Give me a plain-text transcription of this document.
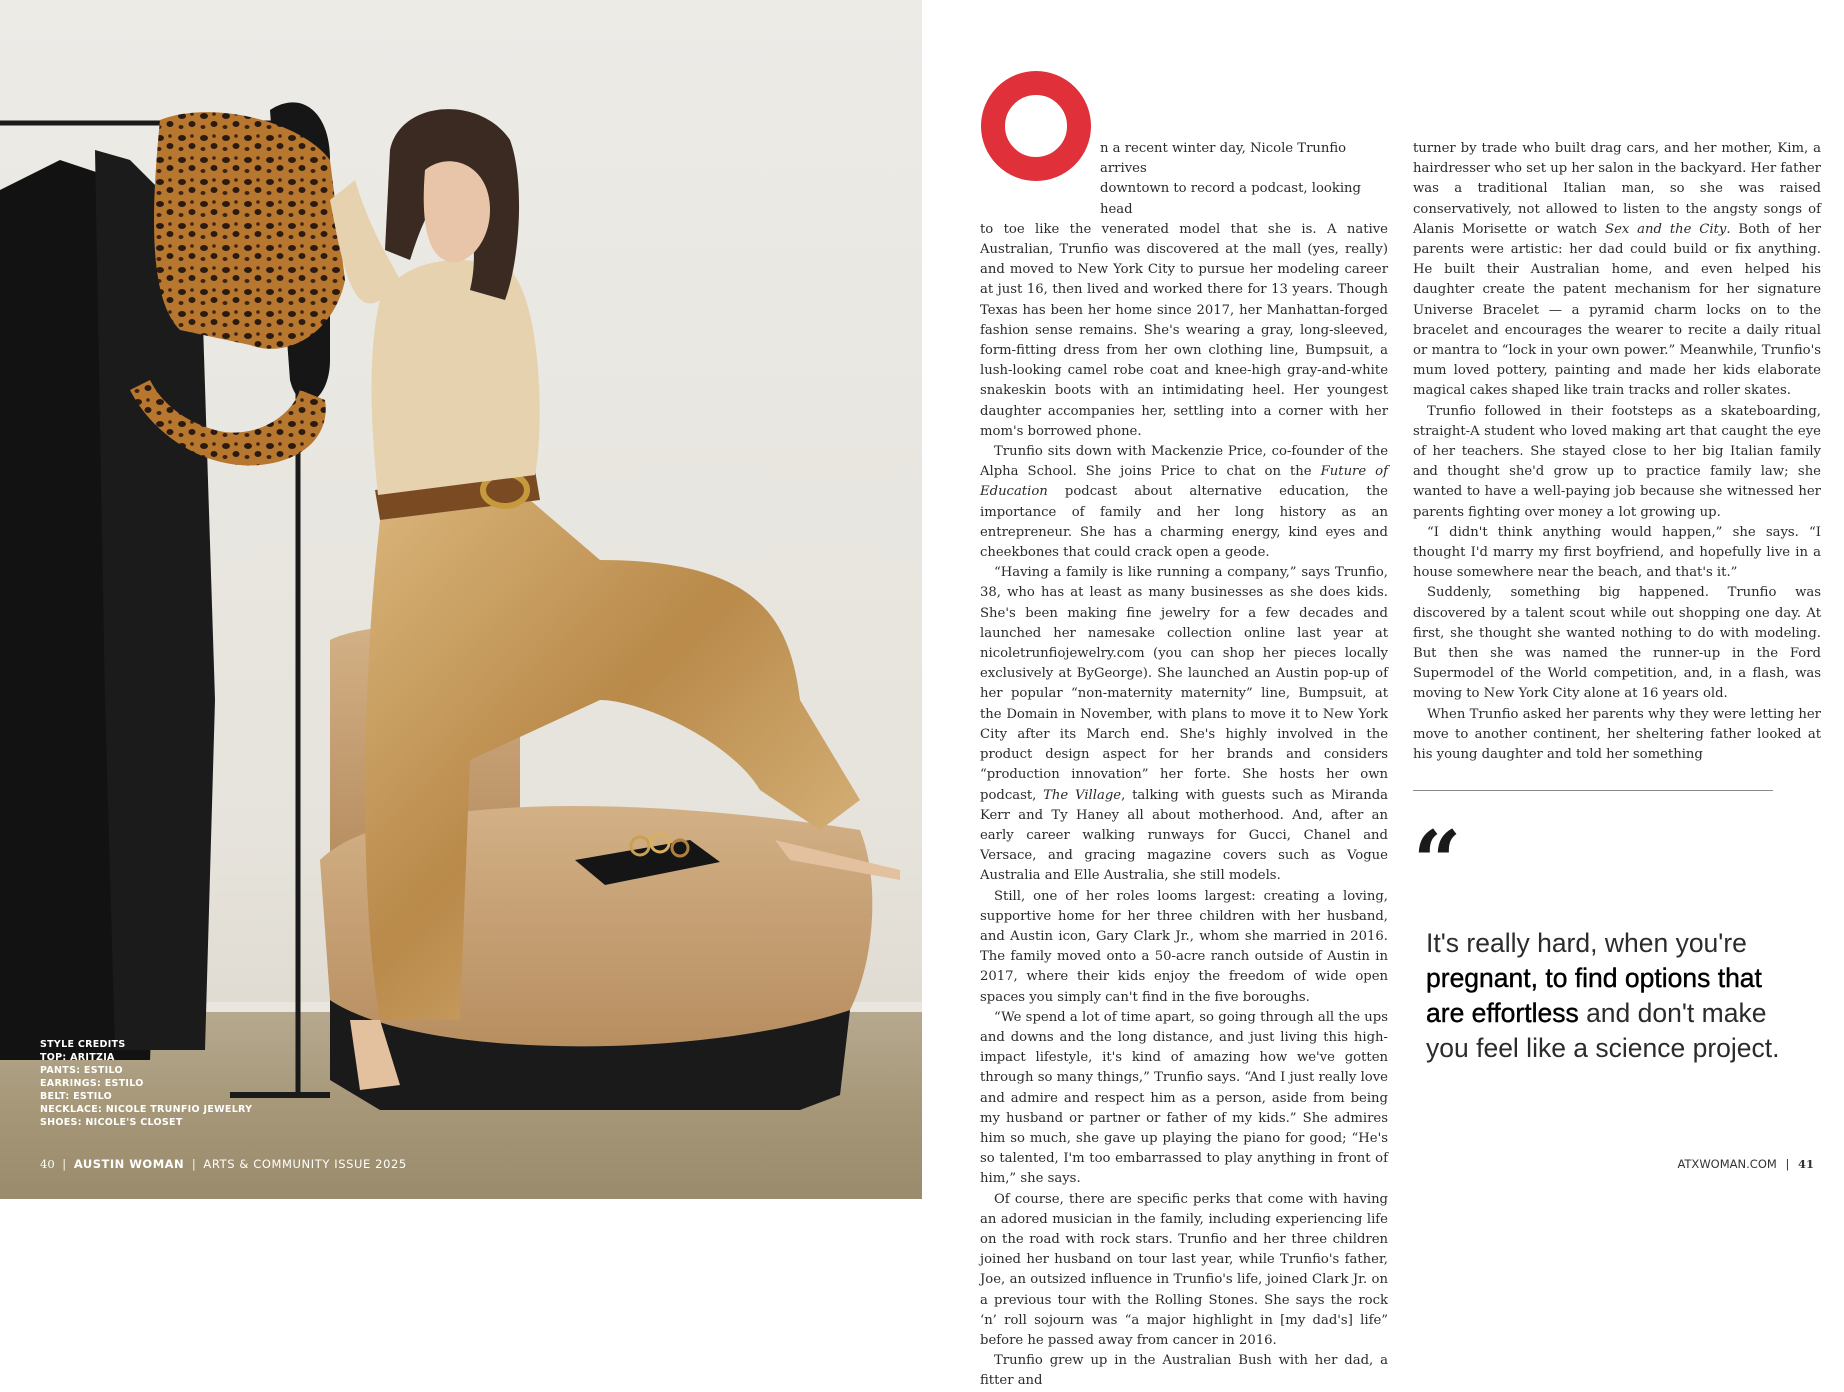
STYLE CREDITS
TOP: ARITZIA
PANTS: ESTILO
EARRINGS: ESTILO
BELT: ESTILO
NECKLACE: NICOLE TRUNFIO JEWELRY
SHOES: NICOLE'S CLOSET
40 | AUSTIN WOMAN | ARTS & COMMUNITY ISSUE 2025

n a recent winter day, Nicole Trunfio arrives
downtown to record a podcast, looking head
to toe like the venerated model that she is. A native Australian, Trunfio was discovered at the mall (yes, really) and moved to New York City to pursue her modeling career at just 16, then lived and worked there for 13 years. Though Texas has been her home since 2017, her Manhattan-forged fashion sense remains. She's wearing a gray, long-sleeved, form-fitting dress from her own clothing line, Bumpsuit, a lush-looking camel robe coat and knee-high gray-and-white snakeskin boots with an intimidating heel. Her youngest daughter accompanies her, settling into a corner with her mom's borrowed phone.

Trunfio sits down with Mackenzie Price, co-founder of the Alpha School. She joins Price to chat on the Future of Education podcast about alternative education, the importance of family and her long history as an entrepreneur. She has a charming energy, kind eyes and cheekbones that could crack open a geode.

“Having a family is like running a company,” says Trunfio, 38, who has at least as many businesses as she does kids. She's been making fine jewelry for a few decades and launched her namesake collection online last year at nicoletrunfiojewelry.com (you can shop her pieces locally exclusively at ByGeorge). She launched an Austin pop-up of her popular “non-maternity maternity” line, Bumpsuit, at the Domain in November, with plans to move it to New York City after its March end. She's highly involved in the product design aspect for her brands and considers “production innovation” her forte. She hosts her own podcast, The Village, talking with guests such as Miranda Kerr and Ty Haney all about motherhood. And, after an early career walking runways for Gucci, Chanel and Versace, and gracing magazine covers such as Vogue Australia and Elle Australia, she still models.

Still, one of her roles looms largest: creating a loving, supportive home for her three children with her husband, and Austin icon, Gary Clark Jr., whom she married in 2016. The family moved onto a 50-acre ranch outside of Austin in 2017, where their kids enjoy the freedom of wide open spaces you simply can't find in the five boroughs.

“We spend a lot of time apart, so going through all the ups and downs and the long distance, and just living this high-impact lifestyle, it's kind of amazing how we've gotten through so many things,” Trunfio says. “And I just really love and admire and respect him as a person, aside from being my husband or partner or father of my kids.” She admires him so much, she gave up playing the piano for good; “He's so talented, I'm too embarrassed to play anything in front of him,” she says.

Of course, there are specific perks that come with having an adored musician in the family, including experiencing life on the road with rock stars. Trunfio and her three children joined her husband on tour last year, while Trunfio's father, Joe, an outsized influence in Trunfio's life, joined Clark Jr. on a previous tour with the Rolling Stones. She says the rock ‘n’ roll sojourn was “a major highlight in [my dad's] life” before he passed away from cancer in 2016.

Trunfio grew up in the Australian Bush with her dad, a fitter and

turner by trade who built drag cars, and her mother, Kim, a hairdresser who set up her salon in the backyard. Her father was a traditional Italian man, so she was raised conservatively, not allowed to listen to the angsty songs of Alanis Morisette or watch Sex and the City. Both of her parents were artistic: her dad could build or fix anything. He built their Australian home, and even helped his daughter create the patent mechanism for her signature Universe Bracelet — a pyramid charm locks on to the bracelet and encourages the wearer to recite a daily ritual or mantra to “lock in your own power.” Meanwhile, Trunfio's mum loved pottery, painting and made her kids elaborate magical cakes shaped like train tracks and roller skates.

Trunfio followed in their footsteps as a skateboarding, straight-A student who loved making art that caught the eye of her teachers. She stayed close to her big Italian family and thought she'd grow up to practice family law; she wanted to have a well-paying job because she witnessed her parents fighting over money a lot growing up.

“I didn't think anything would happen,” she says. “I thought I'd marry my first boyfriend, and hopefully live in a house somewhere near the beach, and that's it.”

Suddenly, something big happened. Trunfio was discovered by a talent scout while out shopping one day. At first, she thought she wanted nothing to do with modeling. But then she was named the runner-up in the Ford Supermodel of the World competition, and, in a flash, was moving to New York City alone at 16 years old.

When Trunfio asked her parents why they were letting her move to another continent, her sheltering father looked at his young daughter and told her something

“
It's really hard, when you're pregnant, to find options that are effortless and don't make you feel like a science project.
ATXWOMAN.COM | 41
